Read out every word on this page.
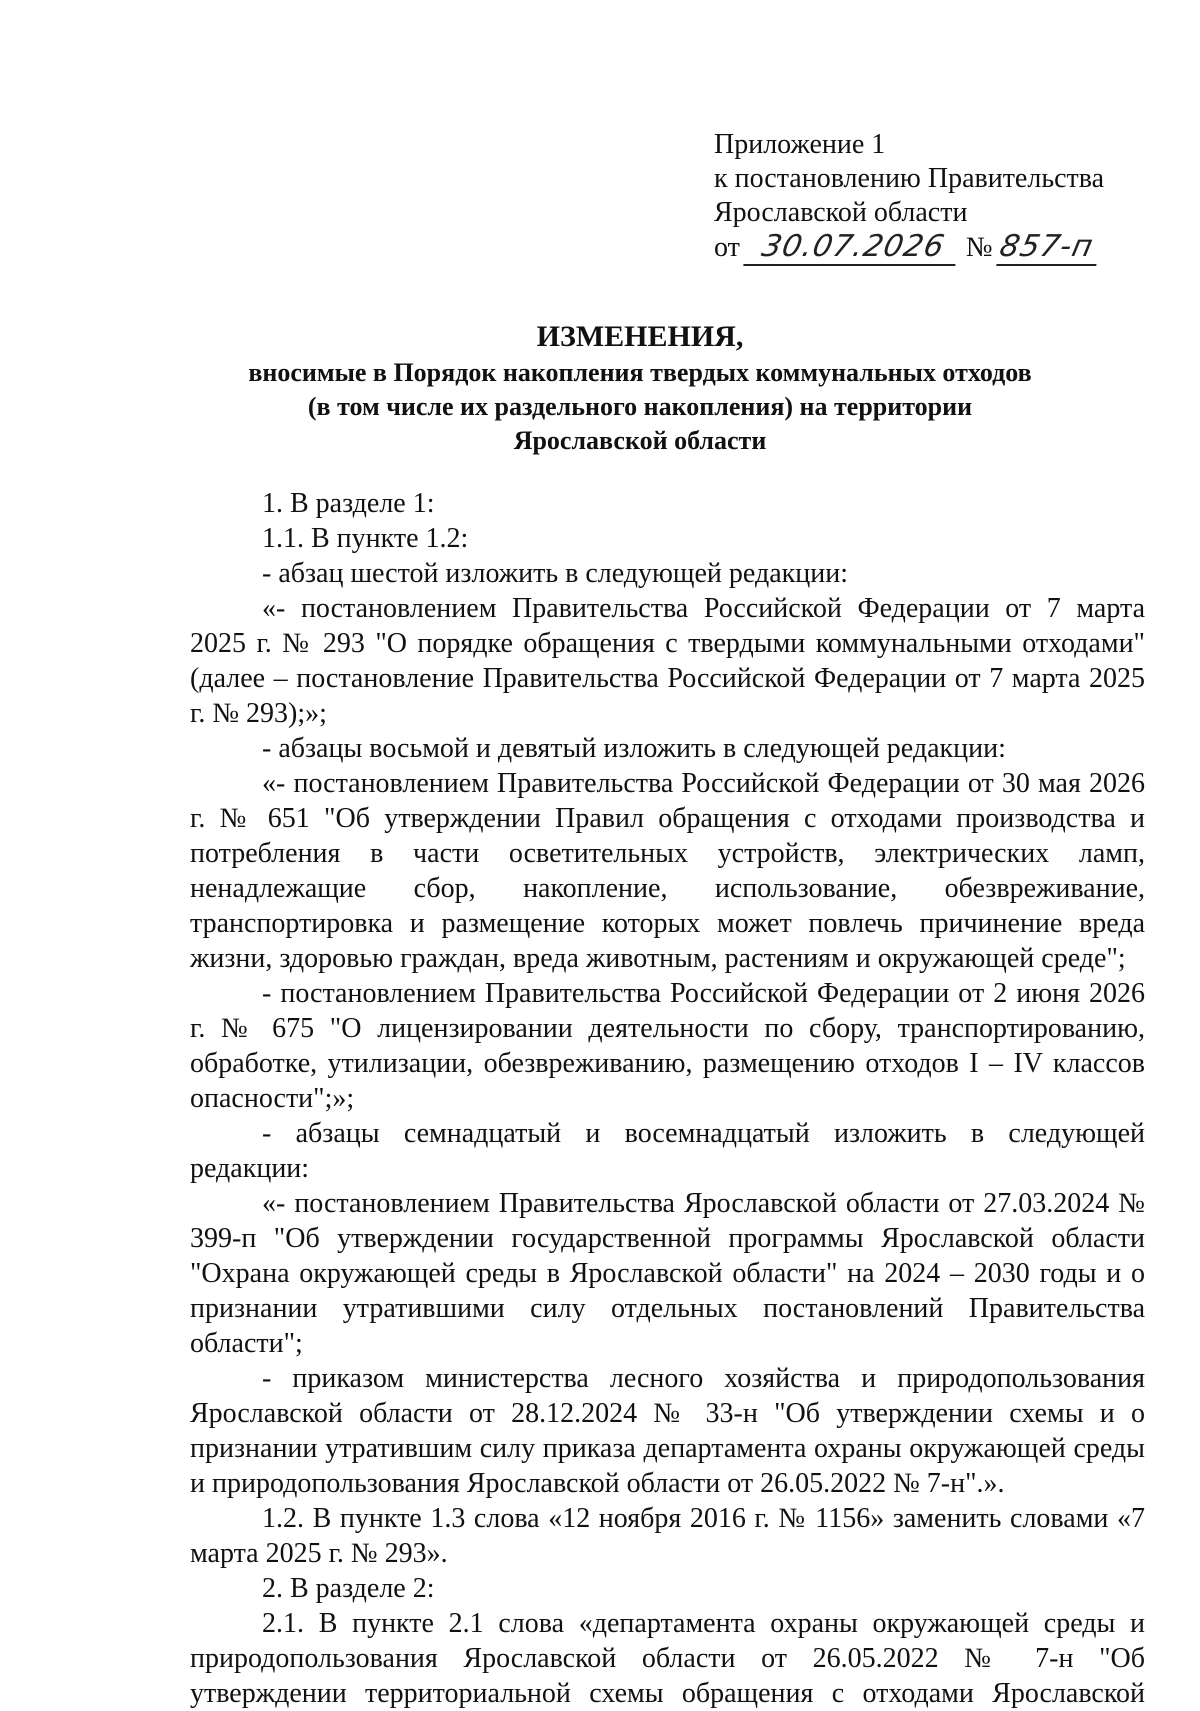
Приложение 1
к постановлению Правительства
Ярославской области
от 30.07.2026 № 857-п
ИЗМЕНЕНИЯ,
вносимые в Порядок накопления твердых коммунальных отходов
(в том числе их раздельного накопления) на территории
Ярославской области

1. В разделе 1:

1.1. В пункте 1.2:

- абзац шестой изложить в следующей редакции:

«- постановлением Правительства Российской Федерации от 7 марта 2025 г. № 293 "О порядке обращения с твердыми коммунальными отходами" (далее – постановление Правительства Российской Федерации от 7 марта 2025 г. № 293);»;

- абзацы восьмой и девятый изложить в следующей редакции:

«- постановлением Правительства Российской Федерации от 30 мая 2026 г. № 651 "Об утверждении Правил обращения с отходами производства и потребления в части осветительных устройств, электрических ламп, ненадлежащие сбор, накопление, использование, обезвреживание, транспортировка и размещение которых может повлечь причинение вреда жизни, здоровью граждан, вреда животным, растениям и окружающей среде";

- постановлением Правительства Российской Федерации от 2 июня 2026 г. № 675 "О лицензировании деятельности по сбору, транспортированию, обработке, утилизации, обезвреживанию, размещению отходов I – IV классов опасности";»;

- абзацы семнадцатый и восемнадцатый изложить в следующей редакции:

«- постановлением Правительства Ярославской области от 27.03.2024 № 399-п "Об утверждении государственной программы Ярославской области "Охрана окружающей среды в Ярославской области" на 2024 – 2030 годы и о признании утратившими силу отдельных постановлений Правительства области";

- приказом министерства лесного хозяйства и природопользования Ярославской области от 28.12.2024 № 33-н "Об утверждении схемы и о признании утратившим силу приказа департамента охраны окружающей среды и природопользования Ярославской области от 26.05.2022 № 7-н".».

1.2. В пункте 1.3 слова «12 ноября 2016 г. № 1156» заменить словами «7 марта 2025 г. № 293».

2. В разделе 2:

2.1. В пункте 2.1 слова «департамента охраны окружающей среды и природопользования Ярославской области от 26.05.2022 № 7-н "Об утверждении территориальной схемы обращения с отходами Ярославской
